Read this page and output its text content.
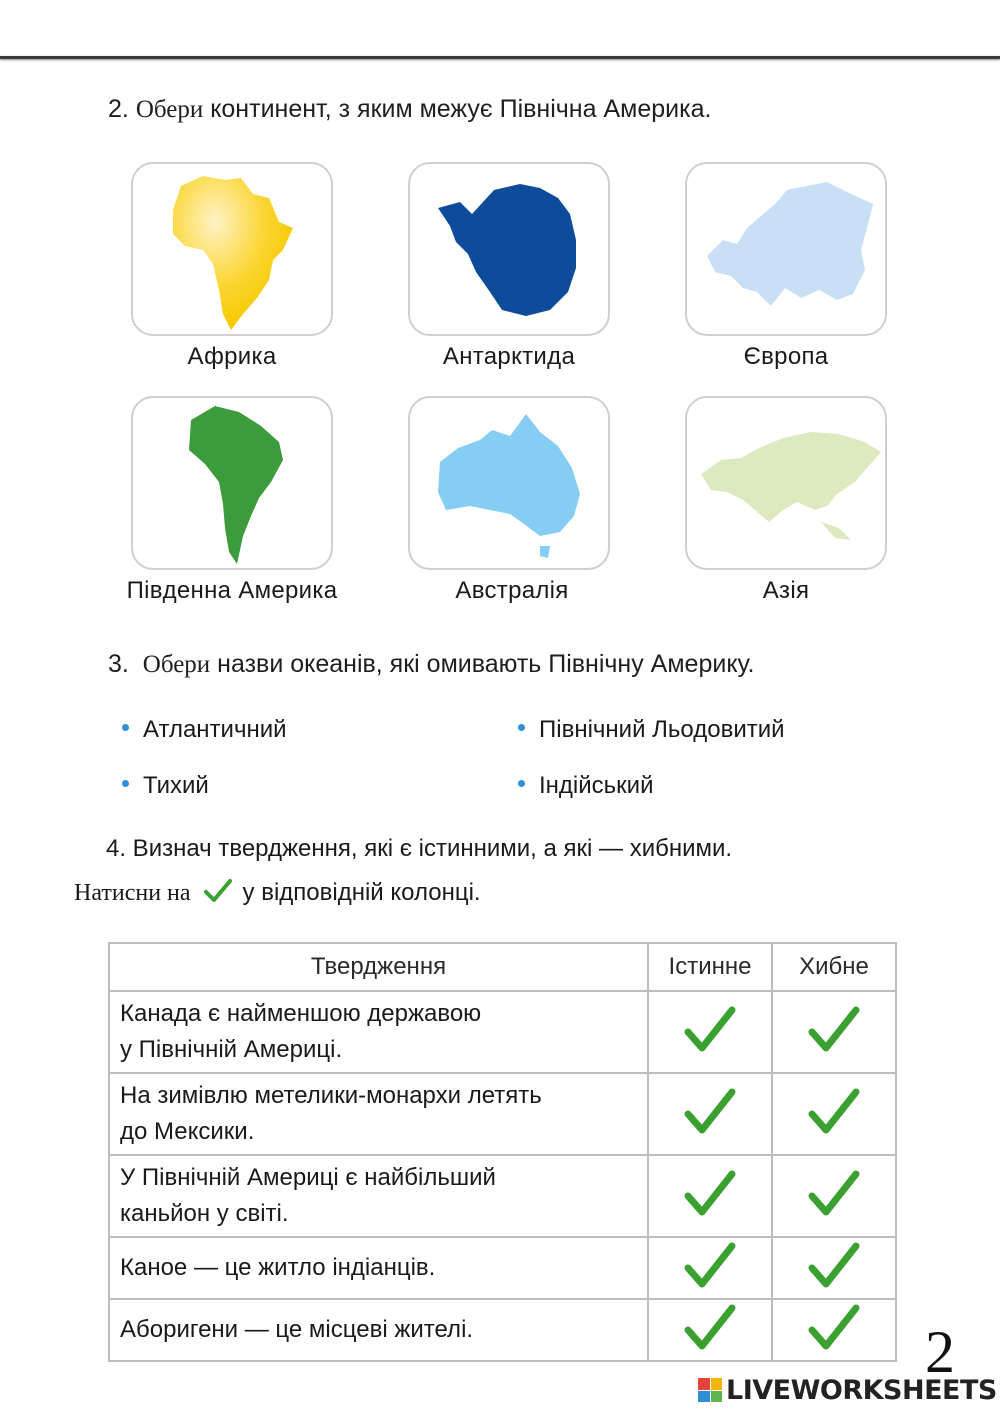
2. Обери континент, з яким межує Північна Америка.
Африка	Антарктида	Європа
Південна Америка	Австралія	Азія
3. Обери назви океанів, які омивають Північну Америку.
Атлантичний	Північний Льодовитий
Тихий	Індійський
4. Визнач твердження, які є істинними, а які — хибними.
Натисни на у відповідній колонці.
Твердження	Істинне	Хибне
Канада є найменшою державою
у Північній Америці.		
На зимівлю метелики-монархи летять
до Мексики.		
У Північній Америці є найбільший
каньйон у світі.		
Каное — це житло індіанців.		
Аборигени — це місцеві жителі.			2
LIVEWORKSHEETS
